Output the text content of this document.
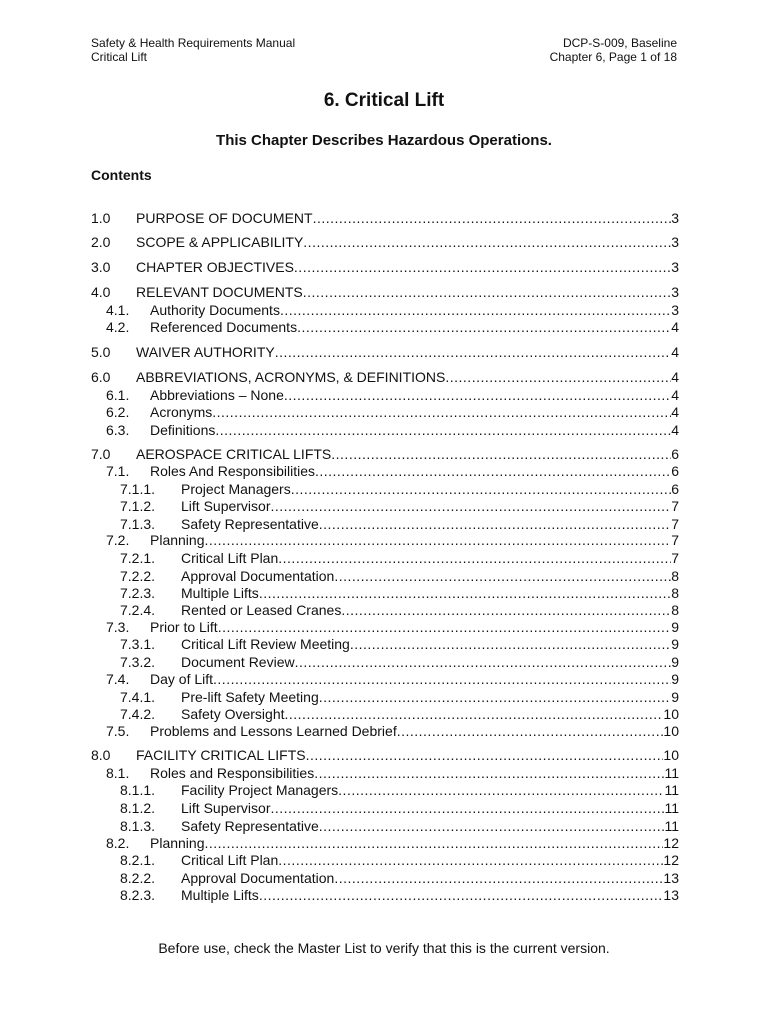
Safety & Health Requirements Manual	DCP-S-009, Baseline
Critical Lift	Chapter 6, Page 1 of 18
6. Critical Lift
This Chapter Describes Hazardous Operations.
Contents
1.0 PURPOSE OF DOCUMENT .....	3
2.0 SCOPE & APPLICABILITY .....	3
3.0 CHAPTER OBJECTIVES .....	3
4.0 RELEVANT DOCUMENTS .....	3
4.1. Authority Documents .....	3
4.2. Referenced Documents .....	4
5.0 WAIVER AUTHORITY .....	4
6.0 ABBREVIATIONS, ACRONYMS, & DEFINITIONS .....	4
6.1. Abbreviations – None .....	4
6.2. Acronyms .....	4
6.3. Definitions .....	4
7.0 AEROSPACE CRITICAL LIFTS .....	6
7.1. Roles And Responsibilities .....	6
7.1.1. Project Managers .....	6
7.1.2. Lift Supervisor .....	7
7.1.3. Safety Representative .....	7
7.2. Planning .....	7
7.2.1. Critical Lift Plan .....	7
7.2.2. Approval Documentation .....	8
7.2.3. Multiple Lifts .....	8
7.2.4. Rented or Leased Cranes .....	8
7.3. Prior to Lift .....	9
7.3.1. Critical Lift Review Meeting .....	9
7.3.2. Document Review .....	9
7.4. Day of Lift .....	9
7.4.1. Pre-lift Safety Meeting .....	9
7.4.2. Safety Oversight .....	10
7.5. Problems and Lessons Learned Debrief .....	10
8.0 FACILITY CRITICAL LIFTS .....	10
8.1. Roles and Responsibilities .....	11
8.1.1. Facility Project Managers .....	11
8.1.2. Lift Supervisor .....	11
8.1.3. Safety Representative .....	11
8.2. Planning .....	12
8.2.1. Critical Lift Plan .....	12
8.2.2. Approval Documentation .....	13
8.2.3. Multiple Lifts .....	13
Before use, check the Master List to verify that this is the current version.
